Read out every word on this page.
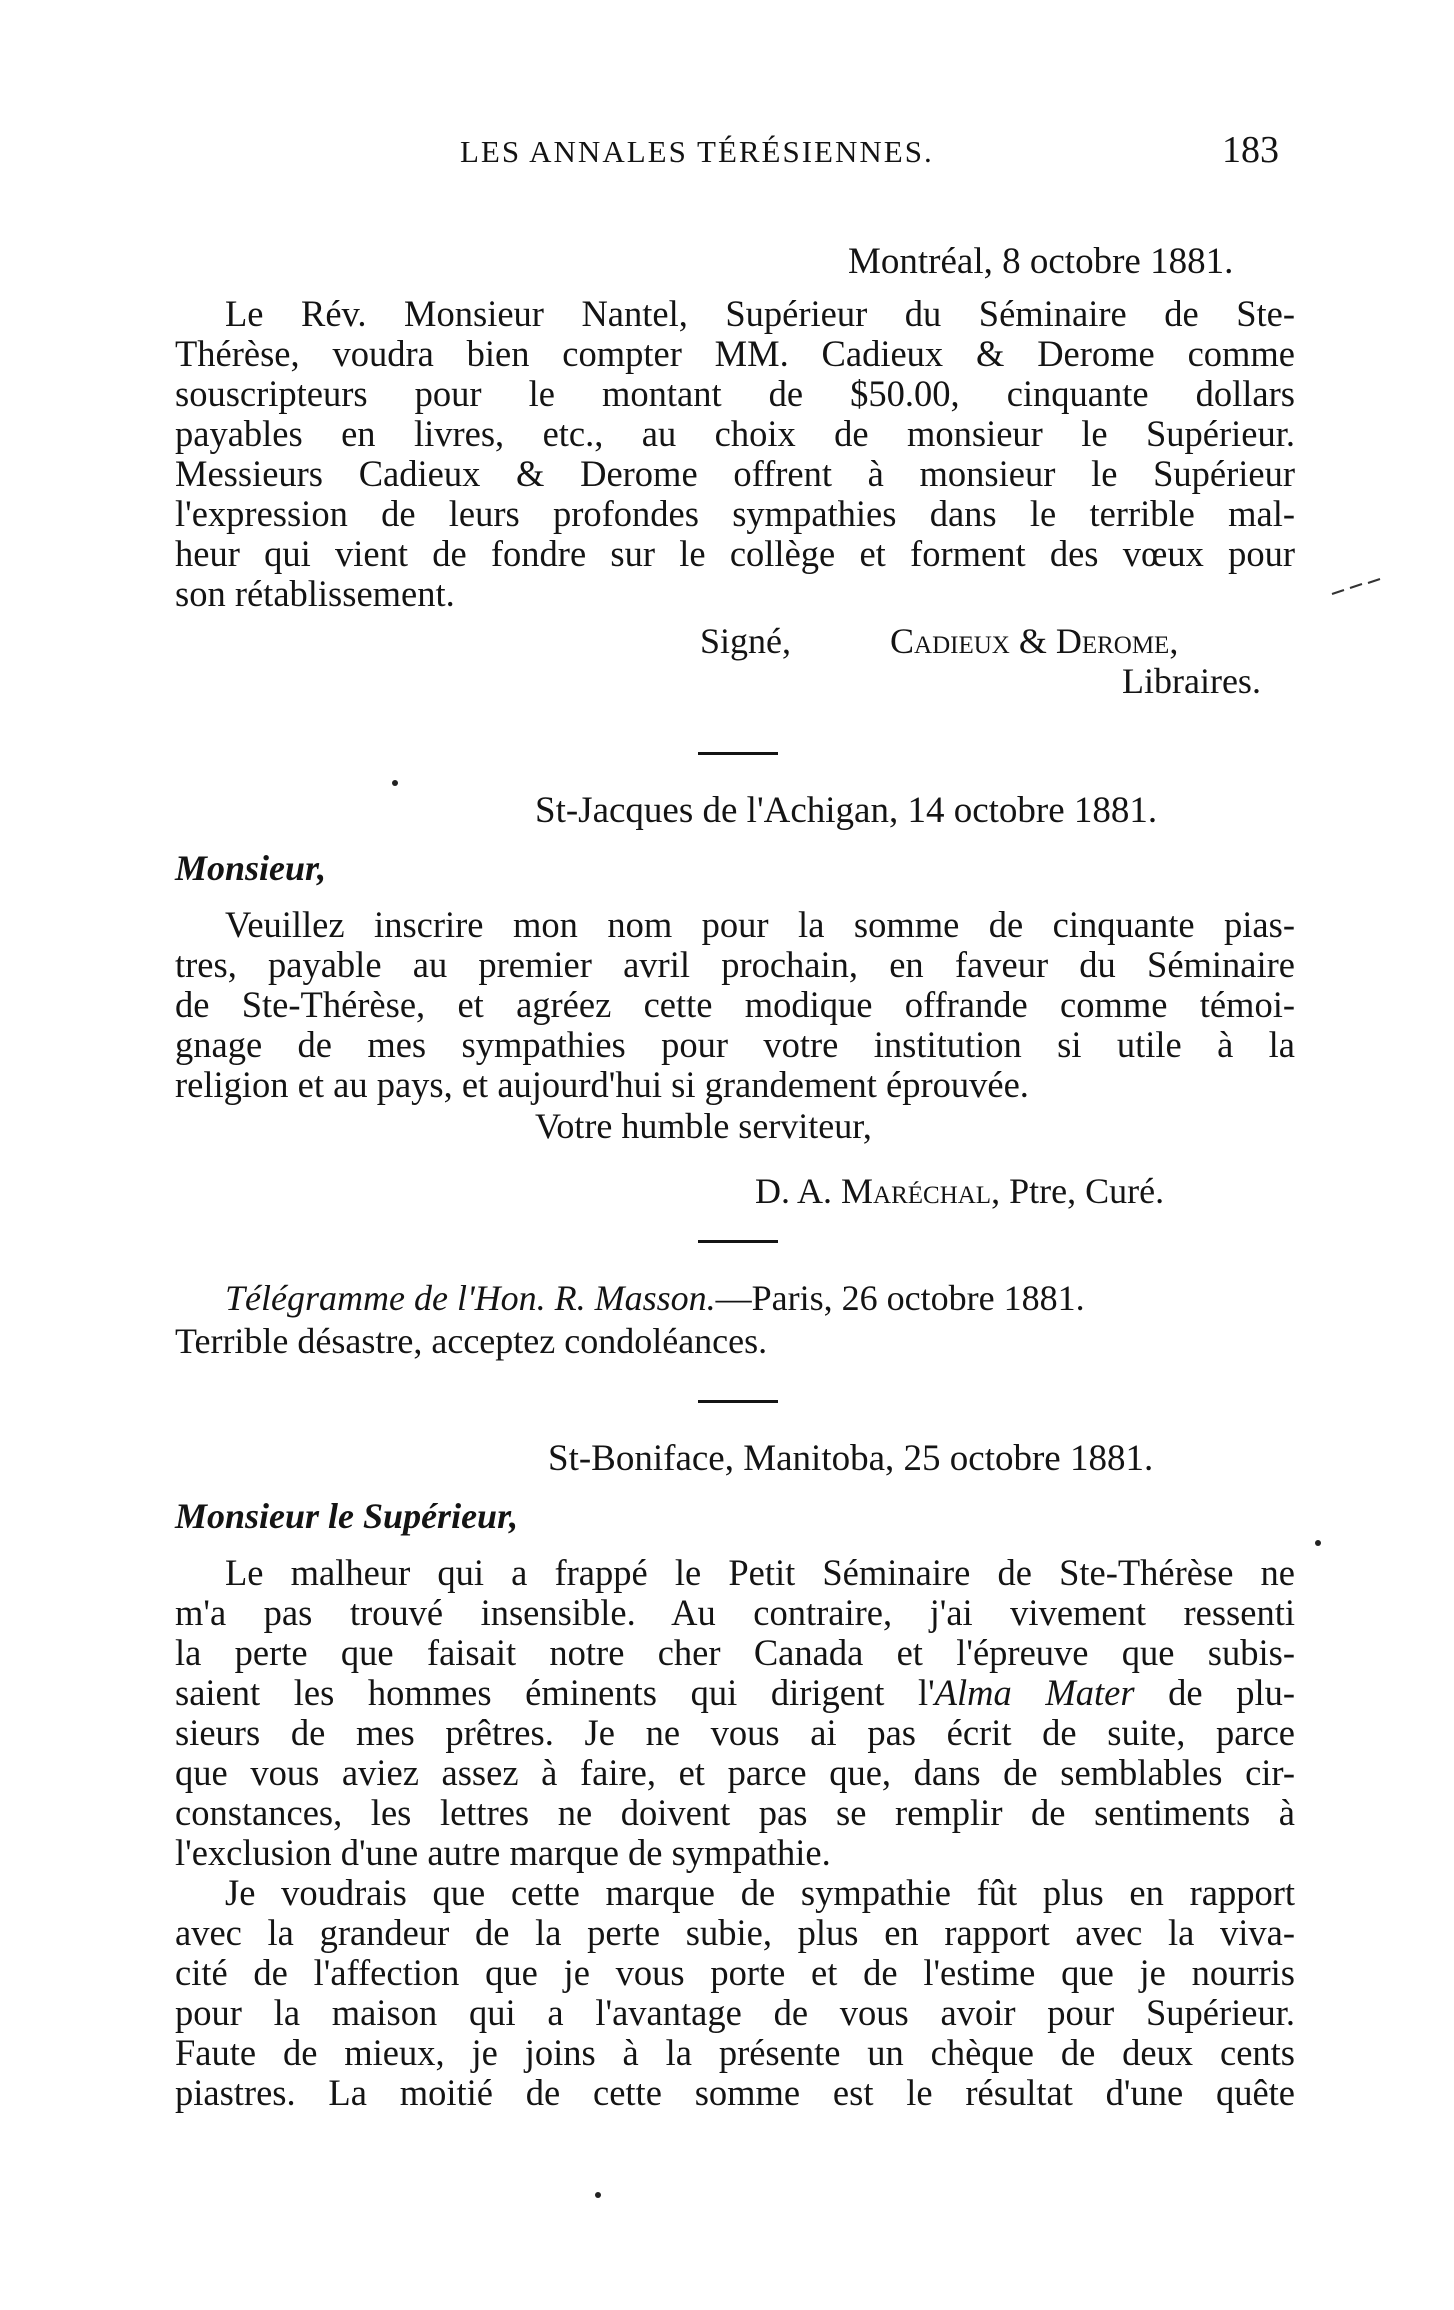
LES ANNALES TÉRÉSIENNES.	183
Montréal, 8 octobre 1881.
Le Rév. Monsieur Nantel, Supérieur du Séminaire de Ste-
Thérèse, voudra bien compter MM. Cadieux & Derome comme
souscripteurs pour le montant de $50.00, cinquante dollars
payables en livres, etc., au choix de monsieur le Supérieur.
Messieurs Cadieux & Derome offrent à monsieur le Supérieur
l'expression de leurs profondes sympathies dans le terrible mal-
heur qui vient de fondre sur le collège et forment des vœux pour
son rétablissement.
Signé,	Cadieux & Derome,
Libraires.
St-Jacques de l'Achigan, 14 octobre 1881.
Monsieur,
Veuillez inscrire mon nom pour la somme de cinquante pias-
tres, payable au premier avril prochain, en faveur du Séminaire
de Ste-Thérèse, et agréez cette modique offrande comme témoi-
gnage de mes sympathies pour votre institution si utile à la
religion et au pays, et aujourd'hui si grandement éprouvée.
Votre humble serviteur,
D. A. Maréchal, Ptre, Curé.
Télégramme de l'Hon. R. Masson.—Paris, 26 octobre 1881.
Terrible désastre, acceptez condoléances.
St-Boniface, Manitoba, 25 octobre 1881.
Monsieur le Supérieur,
Le malheur qui a frappé le Petit Séminaire de Ste-Thérèse ne
m'a pas trouvé insensible. Au contraire, j'ai vivement ressenti
la perte que faisait notre cher Canada et l'épreuve que subis-
saient les hommes éminents qui dirigent l'Alma Mater de plu-
sieurs de mes prêtres. Je ne vous ai pas écrit de suite, parce
que vous aviez assez à faire, et parce que, dans de semblables cir-
constances, les lettres ne doivent pas se remplir de sentiments à
l'exclusion d'une autre marque de sympathie.
Je voudrais que cette marque de sympathie fût plus en rapport
avec la grandeur de la perte subie, plus en rapport avec la viva-
cité de l'affection que je vous porte et de l'estime que je nourris
pour la maison qui a l'avantage de vous avoir pour Supérieur.
Faute de mieux, je joins à la présente un chèque de deux cents
piastres. La moitié de cette somme est le résultat d'une quête
